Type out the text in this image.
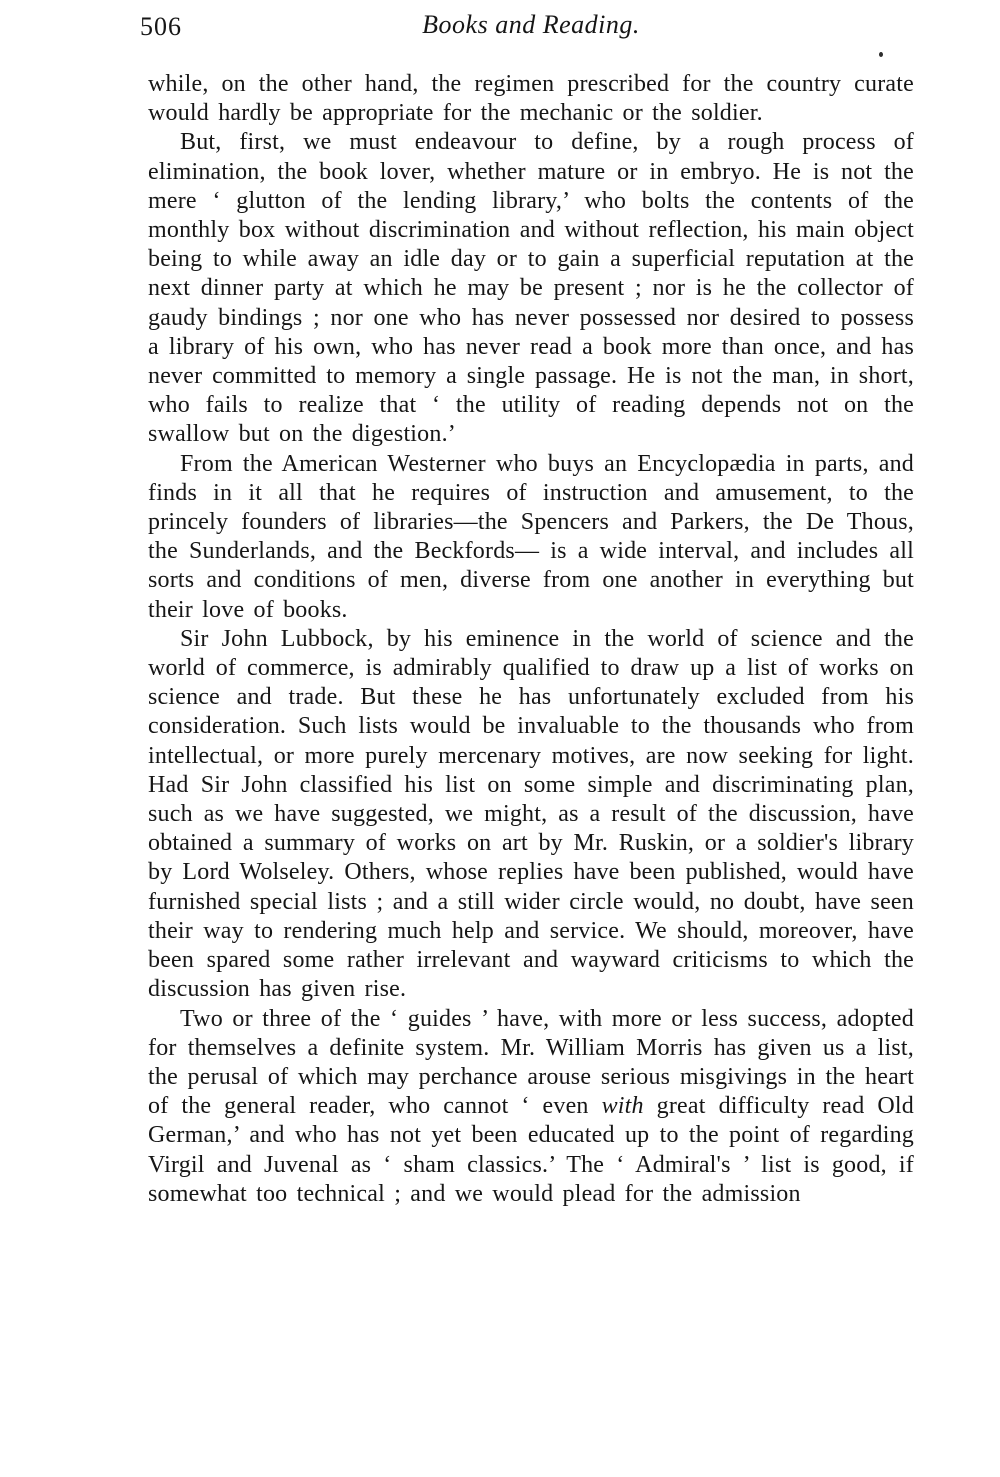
506	Books and Reading.

while, on the other hand, the regimen prescribed for the country curate would hardly be appropriate for the mechanic or the soldier.

But, first, we must endeavour to define, by a rough process of elimination, the book lover, whether mature or in embryo. He is not the mere ‘ glutton of the lending library,’ who bolts the contents of the monthly box without discrimination and without reflection, his main object being to while away an idle day or to gain a superficial reputation at the next dinner party at which he may be present ; nor is he the collector of gaudy bindings ; nor one who has never possessed nor desired to possess a library of his own, who has never read a book more than once, and has never committed to memory a single passage. He is not the man, in short, who fails to realize that ‘ the utility of reading depends not on the swallow but on the digestion.’

From the American Westerner who buys an Encyclopædia in parts, and finds in it all that he requires of instruction and amusement, to the princely founders of libraries—the Spencers and Parkers, the De Thous, the Sunderlands, and the Beckfords— is a wide interval, and includes all sorts and conditions of men, diverse from one another in everything but their love of books.

Sir John Lubbock, by his eminence in the world of science and the world of commerce, is admirably qualified to draw up a list of works on science and trade. But these he has unfortunately excluded from his consideration. Such lists would be invaluable to the thousands who from intellectual, or more purely mercenary motives, are now seeking for light. Had Sir John classified his list on some simple and discriminating plan, such as we have suggested, we might, as a result of the discussion, have obtained a summary of works on art by Mr. Ruskin, or a soldier's library by Lord Wolseley. Others, whose replies have been published, would have furnished special lists ; and a still wider circle would, no doubt, have seen their way to rendering much help and service. We should, moreover, have been spared some rather irrelevant and wayward criticisms to which the discussion has given rise.

Two or three of the ‘ guides ’ have, with more or less success, adopted for themselves a definite system. Mr. William Morris has given us a list, the perusal of which may perchance arouse serious misgivings in the heart of the general reader, who cannot ‘ even with great difficulty read Old German,’ and who has not yet been educated up to the point of regarding Virgil and Juvenal as ‘ sham classics.’ The ‘ Admiral's ’ list is good, if somewhat too technical ; and we would plead for the admission
